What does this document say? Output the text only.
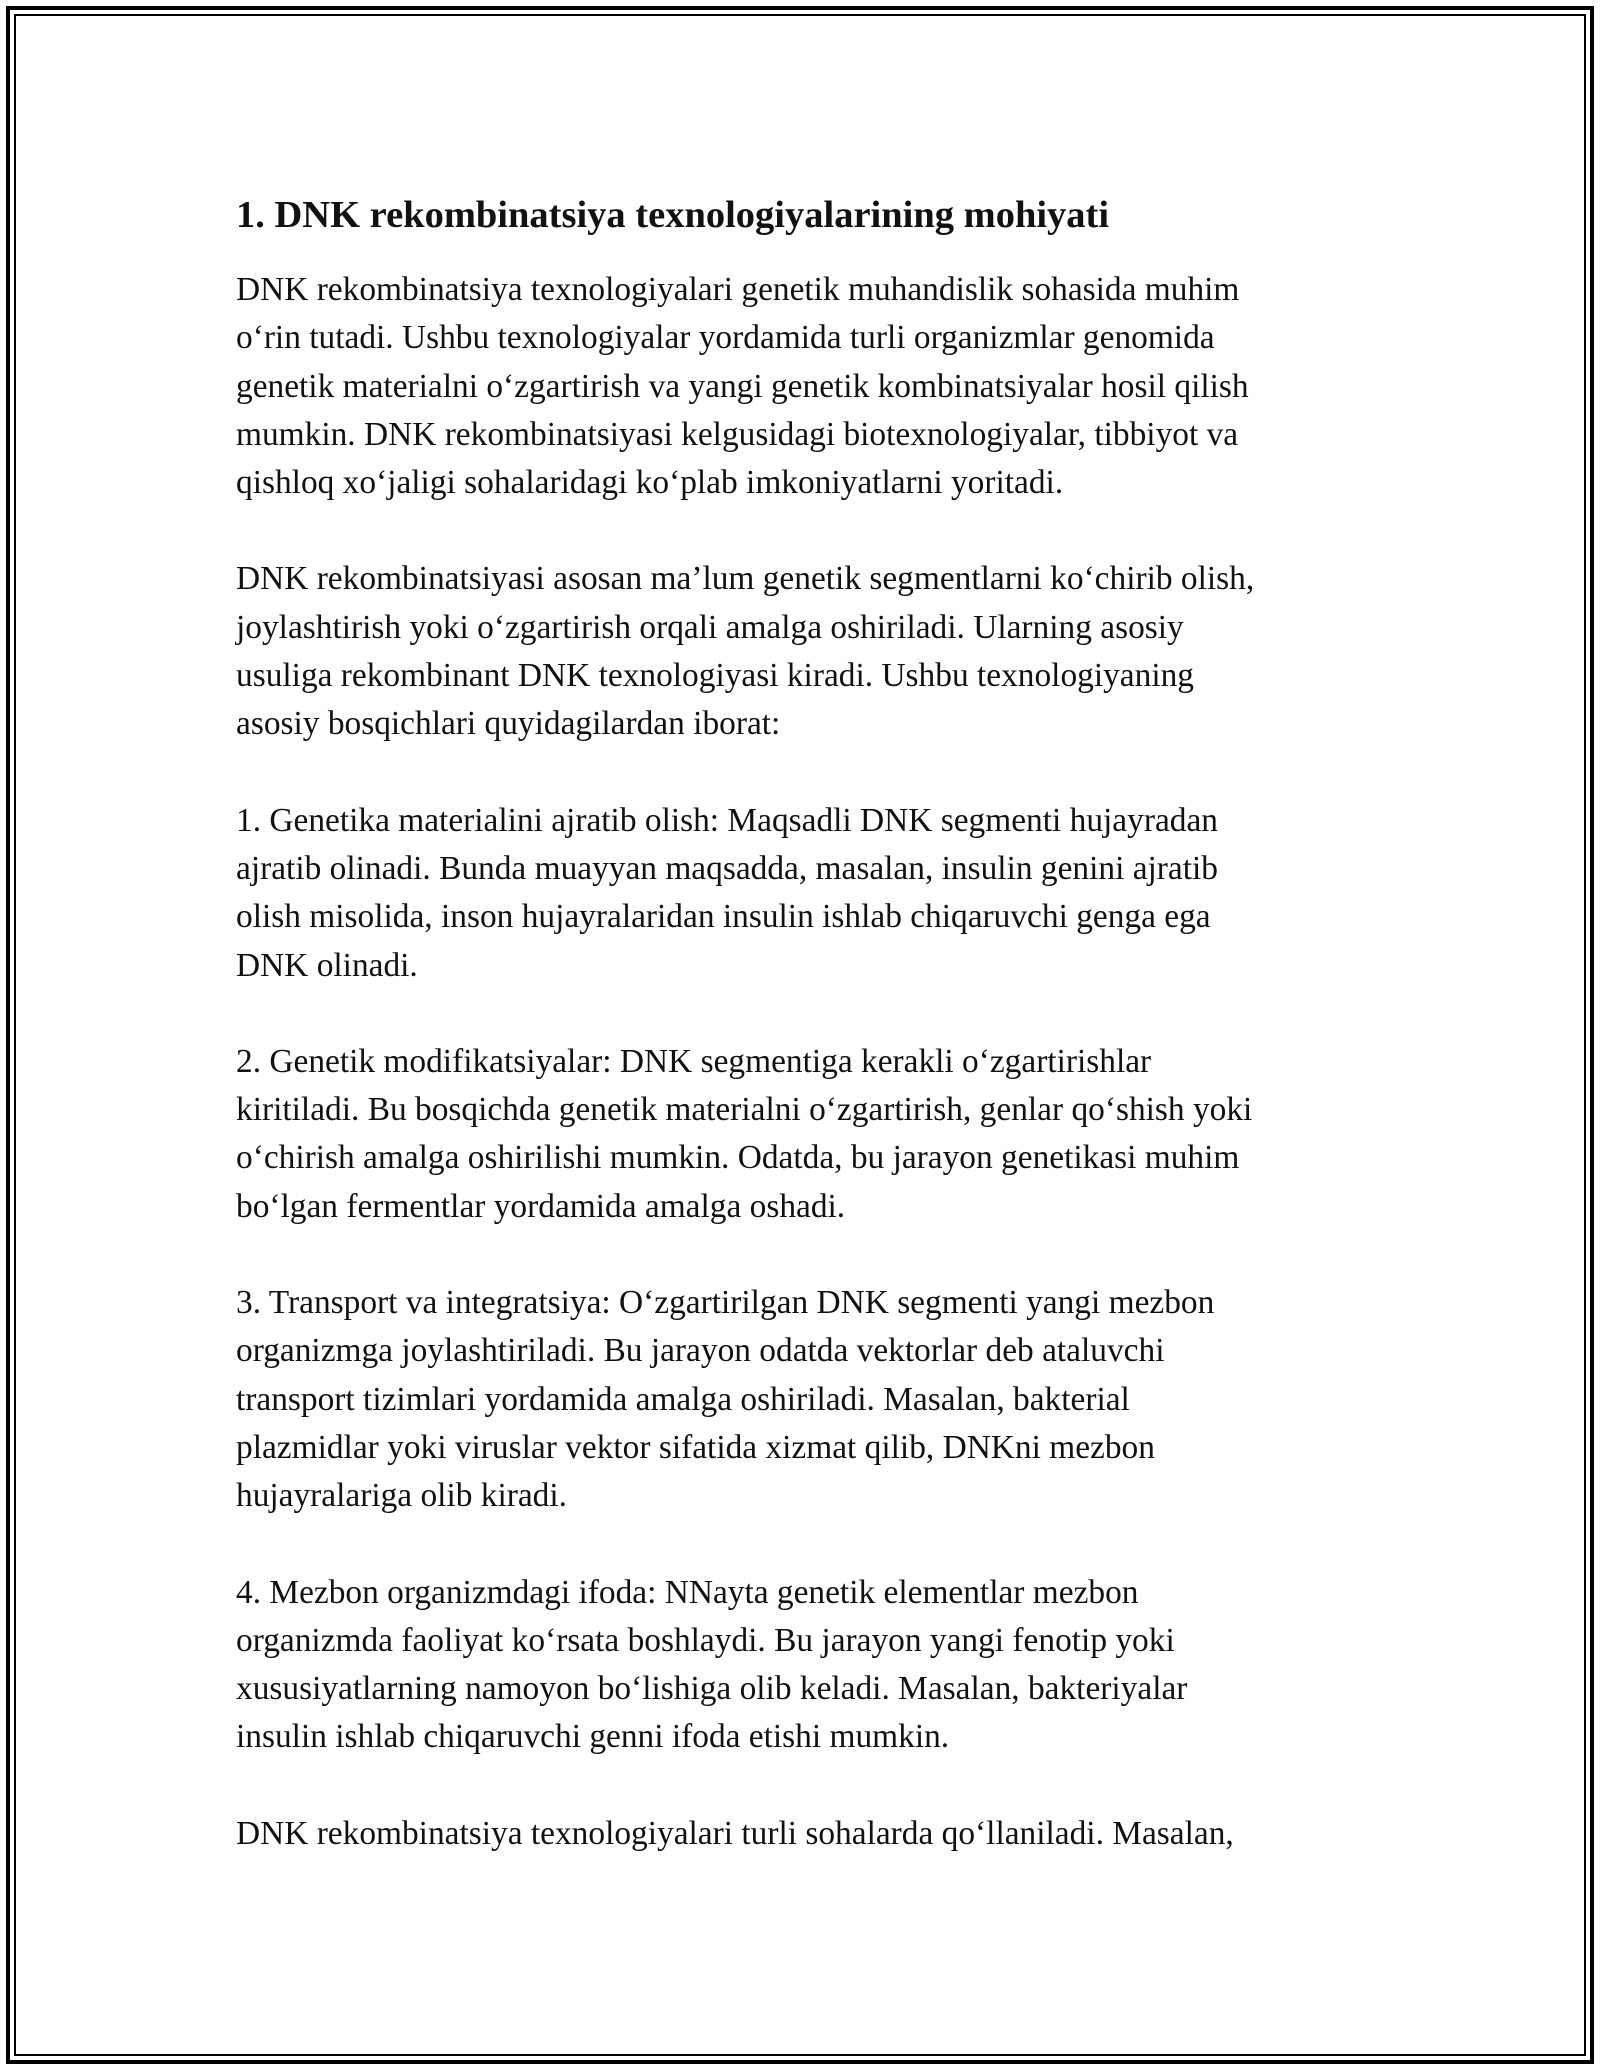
1. DNK rekombinatsiya texnologiyalarining mohiyati
DNK rekombinatsiya texnologiyalari genetik muhandislik sohasida muhim
o‘rin tutadi. Ushbu texnologiyalar yordamida turli organizmlar genomida
genetik materialni o‘zgartirish va yangi genetik kombinatsiyalar hosil qilish
mumkin. DNK rekombinatsiyasi kelgusidagi biotexnologiyalar, tibbiyot va
qishloq xo‘jaligi sohalaridagi ko‘plab imkoniyatlarni yoritadi.
DNK rekombinatsiyasi asosan ma’lum genetik segmentlarni ko‘chirib olish,
joylashtirish yoki o‘zgartirish orqali amalga oshiriladi. Ularning asosiy
usuliga rekombinant DNK texnologiyasi kiradi. Ushbu texnologiyaning
asosiy bosqichlari quyidagilardan iborat:
1. Genetika materialini ajratib olish: Maqsadli DNK segmenti hujayradan
ajratib olinadi. Bunda muayyan maqsadda, masalan, insulin genini ajratib
olish misolida, inson hujayralaridan insulin ishlab chiqaruvchi genga ega
DNK olinadi.
2. Genetik modifikatsiyalar: DNK segmentiga kerakli o‘zgartirishlar
kiritiladi. Bu bosqichda genetik materialni o‘zgartirish, genlar qo‘shish yoki
o‘chirish amalga oshirilishi mumkin. Odatda, bu jarayon genetikasi muhim
bo‘lgan fermentlar yordamida amalga oshadi.
3. Transport va integratsiya: O‘zgartirilgan DNK segmenti yangi mezbon
organizmga joylashtiriladi. Bu jarayon odatda vektorlar deb ataluvchi
transport tizimlari yordamida amalga oshiriladi. Masalan, bakterial
plazmidlar yoki viruslar vektor sifatida xizmat qilib, DNKni mezbon
hujayralariga olib kiradi.
4. Mezbon organizmdagi ifoda: NNayta genetik elementlar mezbon
organizmda faoliyat ko‘rsata boshlaydi. Bu jarayon yangi fenotip yoki
xususiyatlarning namoyon bo‘lishiga olib keladi. Masalan, bakteriyalar
insulin ishlab chiqaruvchi genni ifoda etishi mumkin.
DNK rekombinatsiya texnologiyalari turli sohalarda qo‘llaniladi. Masalan,
